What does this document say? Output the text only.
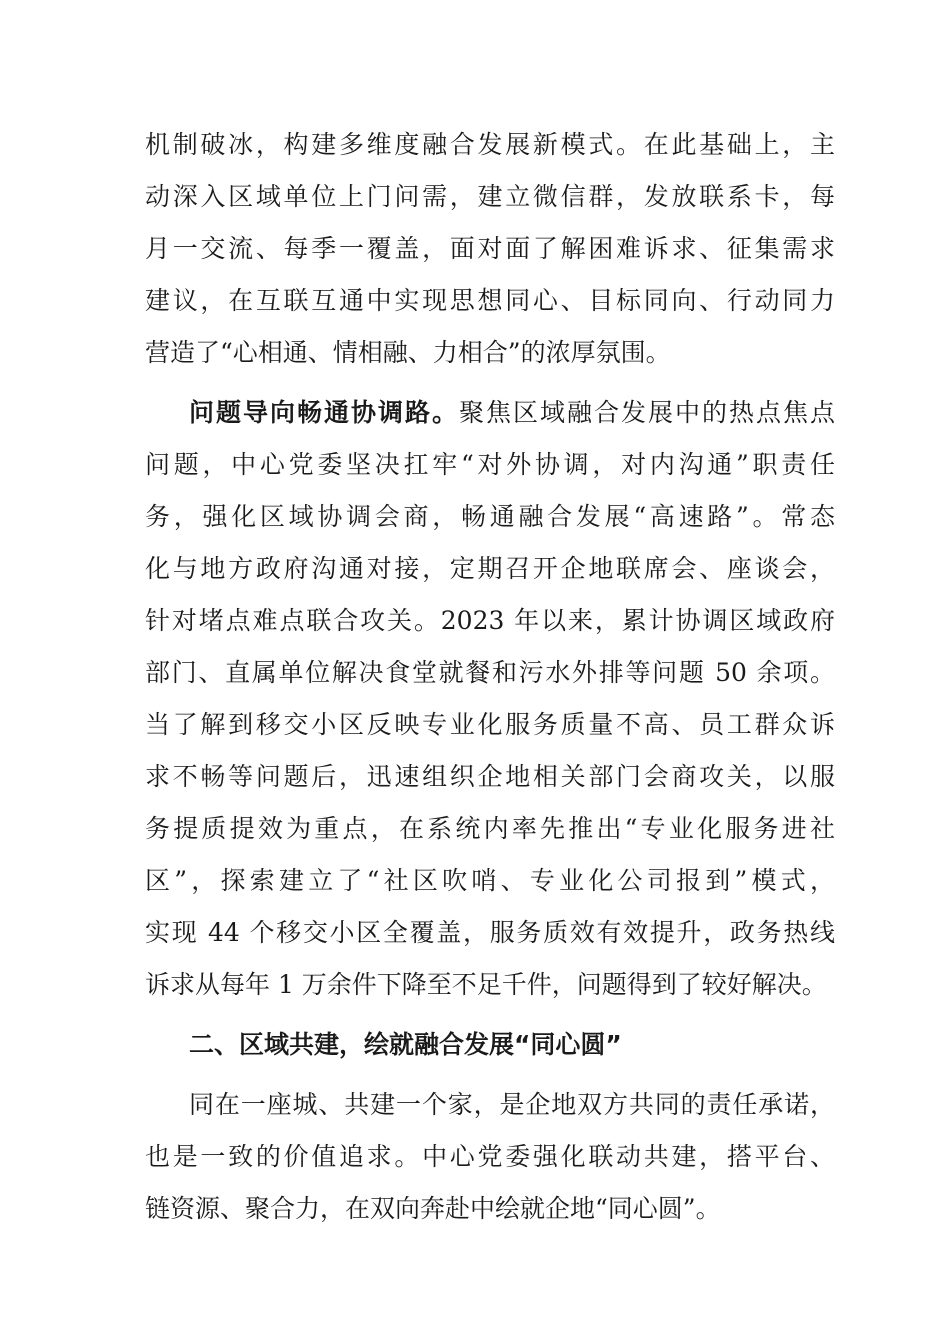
机制破冰，构建多维度融合发展新模式。在此基础上，主
动深入区域单位上门问需，建立微信群，发放联系卡，每
月一交流、每季一覆盖，面对面了解困难诉求、征集需求
建议，在互联互通中实现思想同心、目标同向、行动同力
营造了“心相通、情相融、力相合”的浓厚氛围。
问题导向畅通协调路。聚焦区域融合发展中的热点焦点
问题，中心党委坚决扛牢“对外协调，对内沟通”职责任
务，强化区域协调会商，畅通融合发展“高速路”。常态
化与地方政府沟通对接，定期召开企地联席会、座谈会，
针对堵点难点联合攻关。2023 年以来，累计协调区域政府
部门、直属单位解决食堂就餐和污水外排等问题 50 余项。
当了解到移交小区反映专业化服务质量不高、员工群众诉
求不畅等问题后，迅速组织企地相关部门会商攻关，以服
务提质提效为重点，在系统内率先推出“专业化服务进社
区”，探索建立了“社区吹哨、专业化公司报到”模式，
实现 44 个移交小区全覆盖，服务质效有效提升，政务热线
诉求从每年 1 万余件下降至不足千件，问题得到了较好解决。
二、区域共建，绘就融合发展“同心圆”
同在一座城、共建一个家，是企地双方共同的责任承诺，
也是一致的价值追求。中心党委强化联动共建，搭平台、
链资源、聚合力，在双向奔赴中绘就企地“同心圆”。
